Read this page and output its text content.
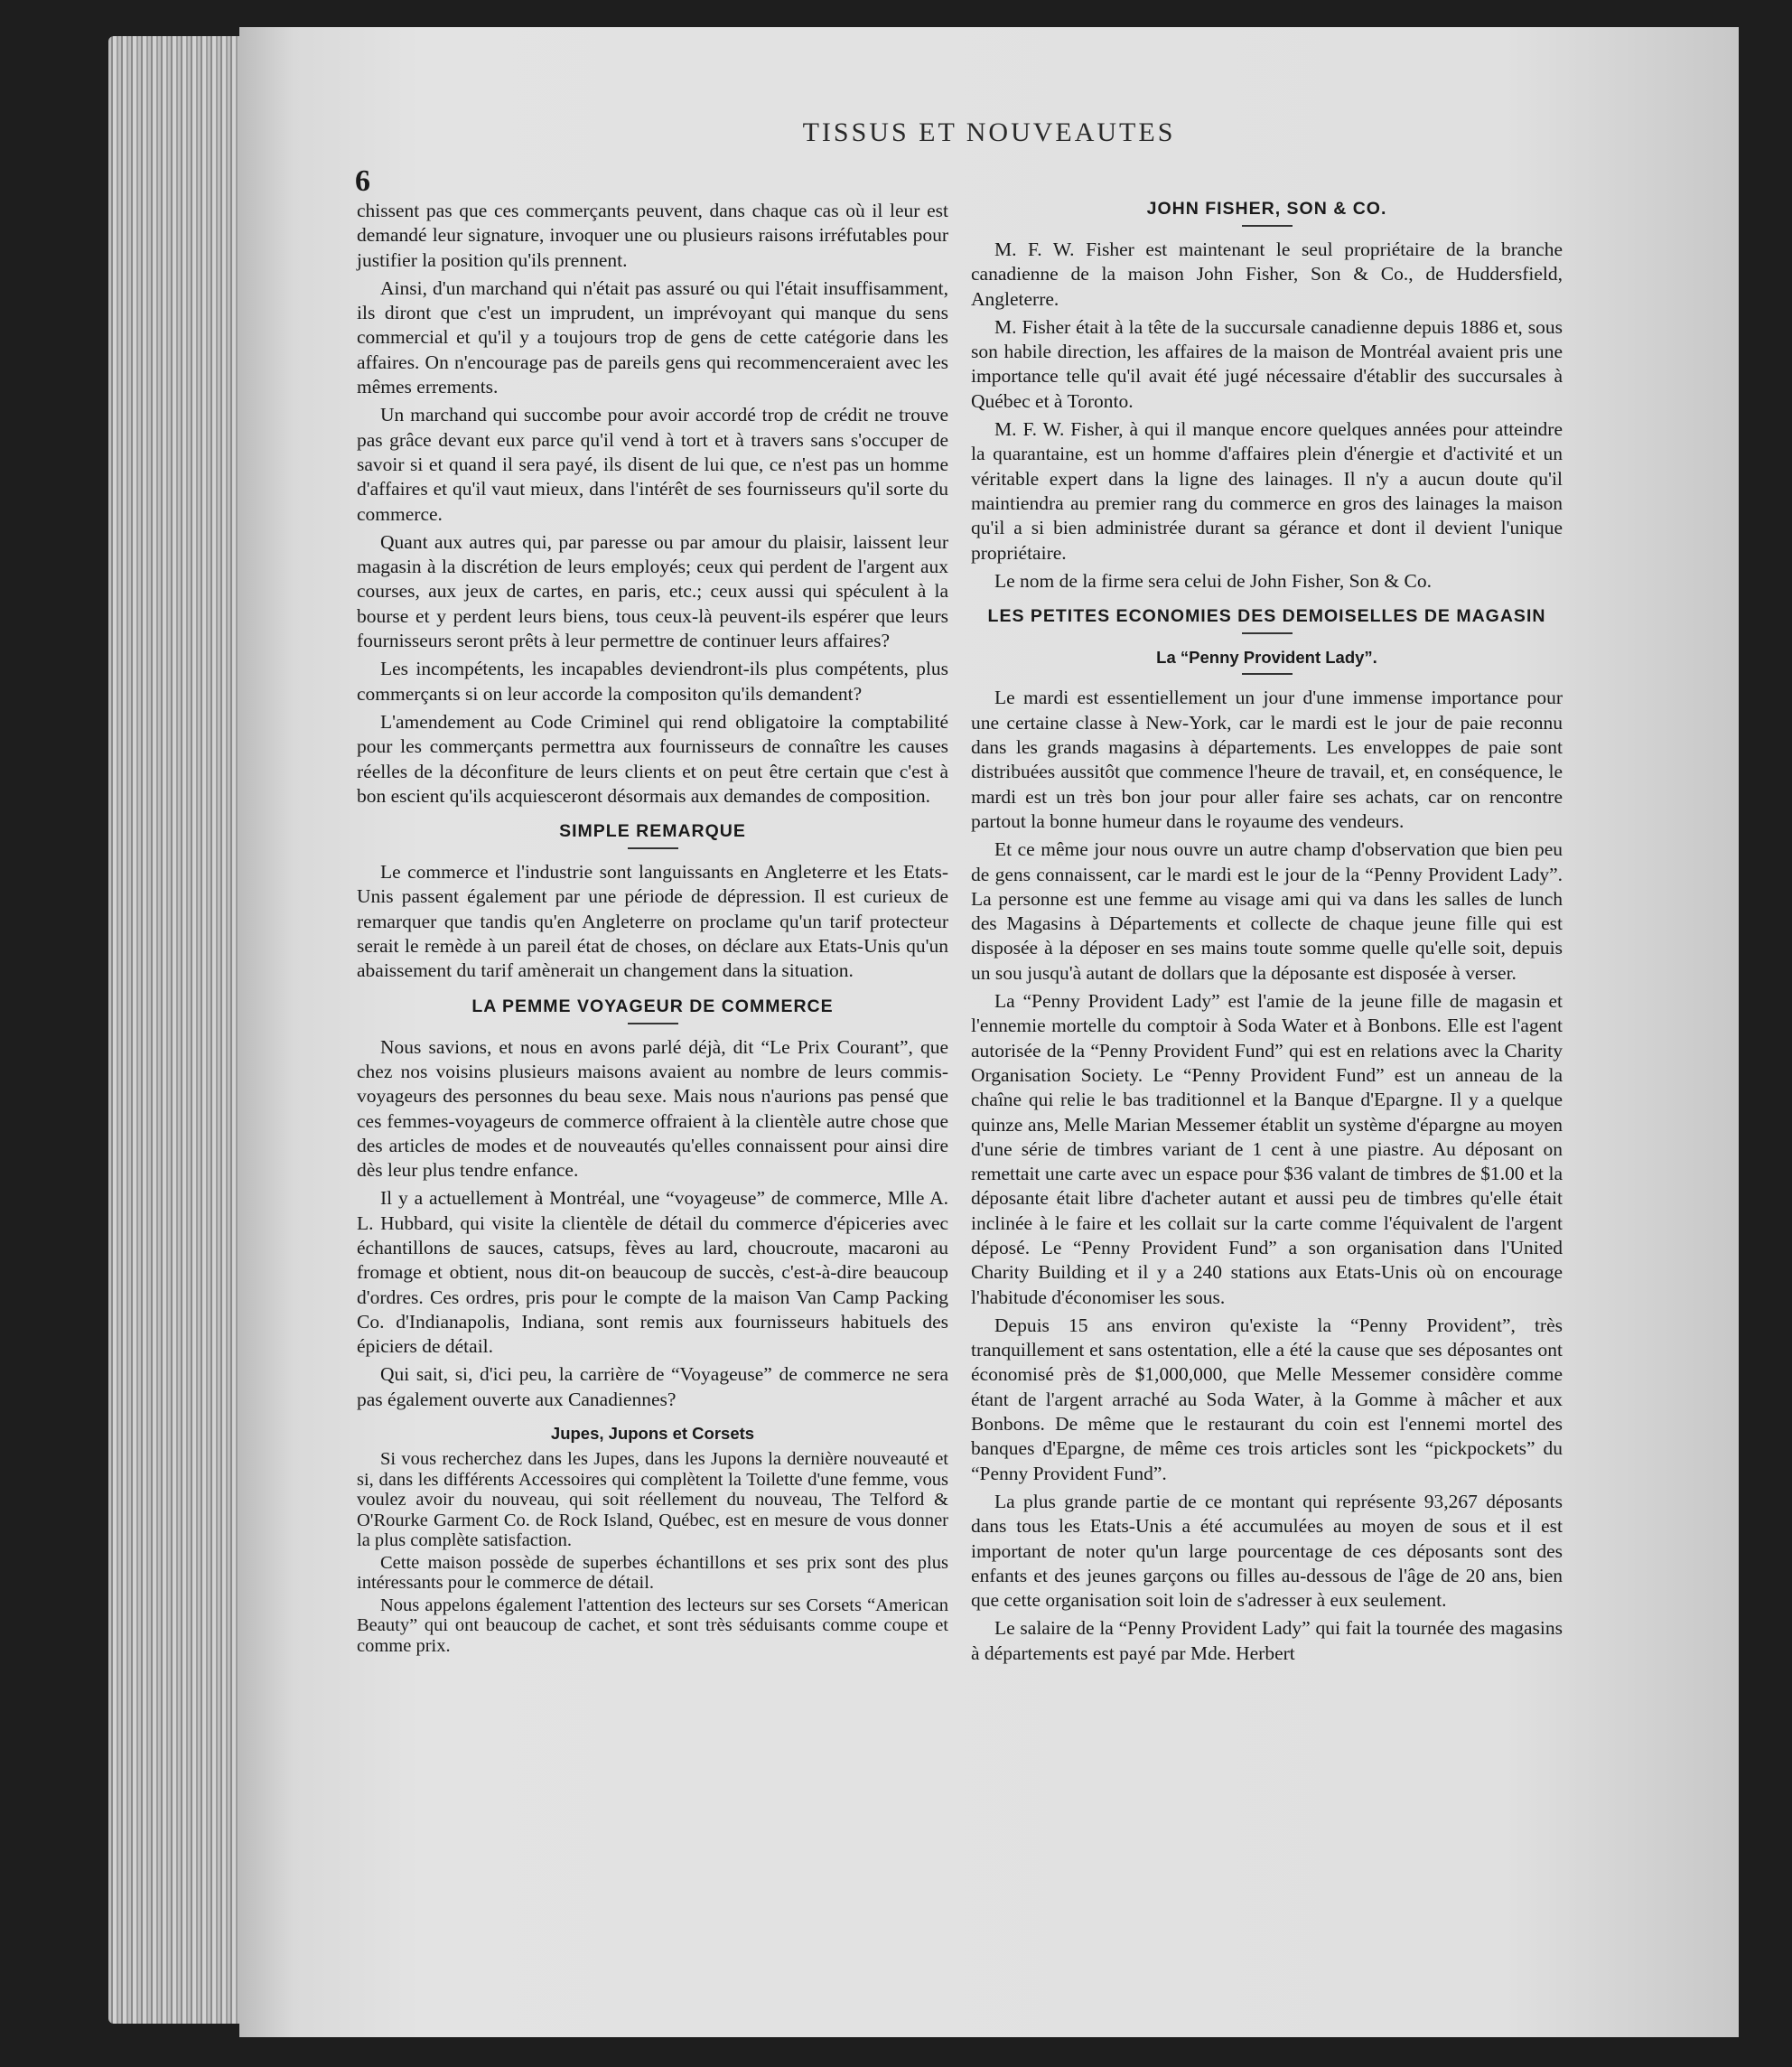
TISSUS ET NOUVEAUTES
6

chissent pas que ces commerçants peuvent, dans chaque cas où il leur est demandé leur signature, invoquer une ou plusieurs raisons irréfutables pour justifier la position qu'ils prennent.

Ainsi, d'un marchand qui n'était pas assuré ou qui l'était insuffisamment, ils diront que c'est un imprudent, un imprévoyant qui manque du sens commercial et qu'il y a toujours trop de gens de cette catégorie dans les affaires. On n'encourage pas de pareils gens qui recommenceraient avec les mêmes errements.

Un marchand qui succombe pour avoir accordé trop de crédit ne trouve pas grâce devant eux parce qu'il vend à tort et à travers sans s'occuper de savoir si et quand il sera payé, ils disent de lui que, ce n'est pas un homme d'affaires et qu'il vaut mieux, dans l'intérêt de ses fournisseurs qu'il sorte du commerce.

Quant aux autres qui, par paresse ou par amour du plaisir, laissent leur magasin à la discrétion de leurs employés; ceux qui perdent de l'argent aux courses, aux jeux de cartes, en paris, etc.; ceux aussi qui spéculent à la bourse et y perdent leurs biens, tous ceux-là peuvent-ils espérer que leurs fournisseurs seront prêts à leur permettre de continuer leurs affaires?

Les incompétents, les incapables deviendront-ils plus compétents, plus commerçants si on leur accorde la compositon qu'ils demandent?

L'amendement au Code Criminel qui rend obligatoire la comptabilité pour les commerçants permettra aux fournisseurs de connaître les causes réelles de la déconfiture de leurs clients et on peut être certain que c'est à bon escient qu'ils acquiesceront désormais aux demandes de composition.

SIMPLE REMARQUE

Le commerce et l'industrie sont languissants en Angleterre et les Etats-Unis passent également par une période de dépression. Il est curieux de remarquer que tandis qu'en Angleterre on proclame qu'un tarif protecteur serait le remède à un pareil état de choses, on déclare aux Etats-Unis qu'un abaissement du tarif amènerait un changement dans la situation.

LA PEMME VOYAGEUR DE COMMERCE

Nous savions, et nous en avons parlé déjà, dit “Le Prix Courant”, que chez nos voisins plusieurs maisons avaient au nombre de leurs commis-voyageurs des personnes du beau sexe. Mais nous n'aurions pas pensé que ces femmes-voyageurs de commerce offraient à la clientèle autre chose que des articles de modes et de nouveautés qu'elles connaissent pour ainsi dire dès leur plus tendre enfance.

Il y a actuellement à Montréal, une “voyageuse” de commerce, Mlle A. L. Hubbard, qui visite la clientèle de détail du commerce d'épiceries avec échantillons de sauces, catsups, fèves au lard, choucroute, macaroni au fromage et obtient, nous dit-on beaucoup de succès, c'est-à-dire beaucoup d'ordres. Ces ordres, pris pour le compte de la maison Van Camp Packing Co. d'Indianapolis, Indiana, sont remis aux fournisseurs habituels des épiciers de détail.

Qui sait, si, d'ici peu, la carrière de “Voyageuse” de commerce ne sera pas également ouverte aux Canadiennes?

Jupes, Jupons et Corsets

Si vous recherchez dans les Jupes, dans les Jupons la dernière nouveauté et si, dans les différents Accessoires qui complètent la Toilette d'une femme, vous voulez avoir du nouveau, qui soit réellement du nouveau, The Telford & O'Rourke Garment Co. de Rock Island, Québec, est en mesure de vous donner la plus complète satisfaction.

Cette maison possède de superbes échantillons et ses prix sont des plus intéressants pour le commerce de détail.

Nous appelons également l'attention des lecteurs sur ses Corsets “American Beauty” qui ont beaucoup de cachet, et sont très séduisants comme coupe et comme prix.

JOHN FISHER, SON & CO.

M. F. W. Fisher est maintenant le seul propriétaire de la branche canadienne de la maison John Fisher, Son & Co., de Huddersfield, Angleterre.

M. Fisher était à la tête de la succursale canadienne depuis 1886 et, sous son habile direction, les affaires de la maison de Montréal avaient pris une importance telle qu'il avait été jugé nécessaire d'établir des succursales à Québec et à Toronto.

M. F. W. Fisher, à qui il manque encore quelques années pour atteindre la quarantaine, est un homme d'affaires plein d'énergie et d'activité et un véritable expert dans la ligne des lainages. Il n'y a aucun doute qu'il maintiendra au premier rang du commerce en gros des lainages la maison qu'il a si bien administrée durant sa gérance et dont il devient l'unique propriétaire.

Le nom de la firme sera celui de John Fisher, Son & Co.

LES PETITES ECONOMIES DES DEMOISELLES DE MAGASIN
La “Penny Provident Lady”.

Le mardi est essentiellement un jour d'une immense importance pour une certaine classe à New-York, car le mardi est le jour de paie reconnu dans les grands magasins à départements. Les enveloppes de paie sont distribuées aussitôt que commence l'heure de travail, et, en conséquence, le mardi est un très bon jour pour aller faire ses achats, car on rencontre partout la bonne humeur dans le royaume des vendeurs.

Et ce même jour nous ouvre un autre champ d'observation que bien peu de gens connaissent, car le mardi est le jour de la “Penny Provident Lady”. La personne est une femme au visage ami qui va dans les salles de lunch des Magasins à Départements et collecte de chaque jeune fille qui est disposée à la déposer en ses mains toute somme quelle qu'elle soit, depuis un sou jusqu'à autant de dollars que la déposante est disposée à verser.

La “Penny Provident Lady” est l'amie de la jeune fille de magasin et l'ennemie mortelle du comptoir à Soda Water et à Bonbons. Elle est l'agent autorisée de la “Penny Provident Fund” qui est en relations avec la Charity Organisation Society. Le “Penny Provident Fund” est un anneau de la chaîne qui relie le bas traditionnel et la Banque d'Epargne. Il y a quelque quinze ans, Melle Marian Messemer établit un système d'épargne au moyen d'une série de timbres variant de 1 cent à une piastre. Au déposant on remettait une carte avec un espace pour $36 valant de timbres de $1.00 et la déposante était libre d'acheter autant et aussi peu de timbres qu'elle était inclinée à le faire et les collait sur la carte comme l'équivalent de l'argent déposé. Le “Penny Provident Fund” a son organisation dans l'United Charity Building et il y a 240 stations aux Etats-Unis où on encourage l'habitude d'économiser les sous.

Depuis 15 ans environ qu'existe la “Penny Provident”, très tranquillement et sans ostentation, elle a été la cause que ses déposantes ont économisé près de $1,000,000, que Melle Messemer considère comme étant de l'argent arraché au Soda Water, à la Gomme à mâcher et aux Bonbons. De même que le restaurant du coin est l'ennemi mortel des banques d'Epargne, de même ces trois articles sont les “pickpockets” du “Penny Provident Fund”.

La plus grande partie de ce montant qui représente 93,267 déposants dans tous les Etats-Unis a été accumulées au moyen de sous et il est important de noter qu'un large pourcentage de ces déposants sont des enfants et des jeunes garçons ou filles au-dessous de l'âge de 20 ans, bien que cette organisation soit loin de s'adresser à eux seulement.

Le salaire de la “Penny Provident Lady” qui fait la tournée des magasins à départements est payé par Mde. Herbert
